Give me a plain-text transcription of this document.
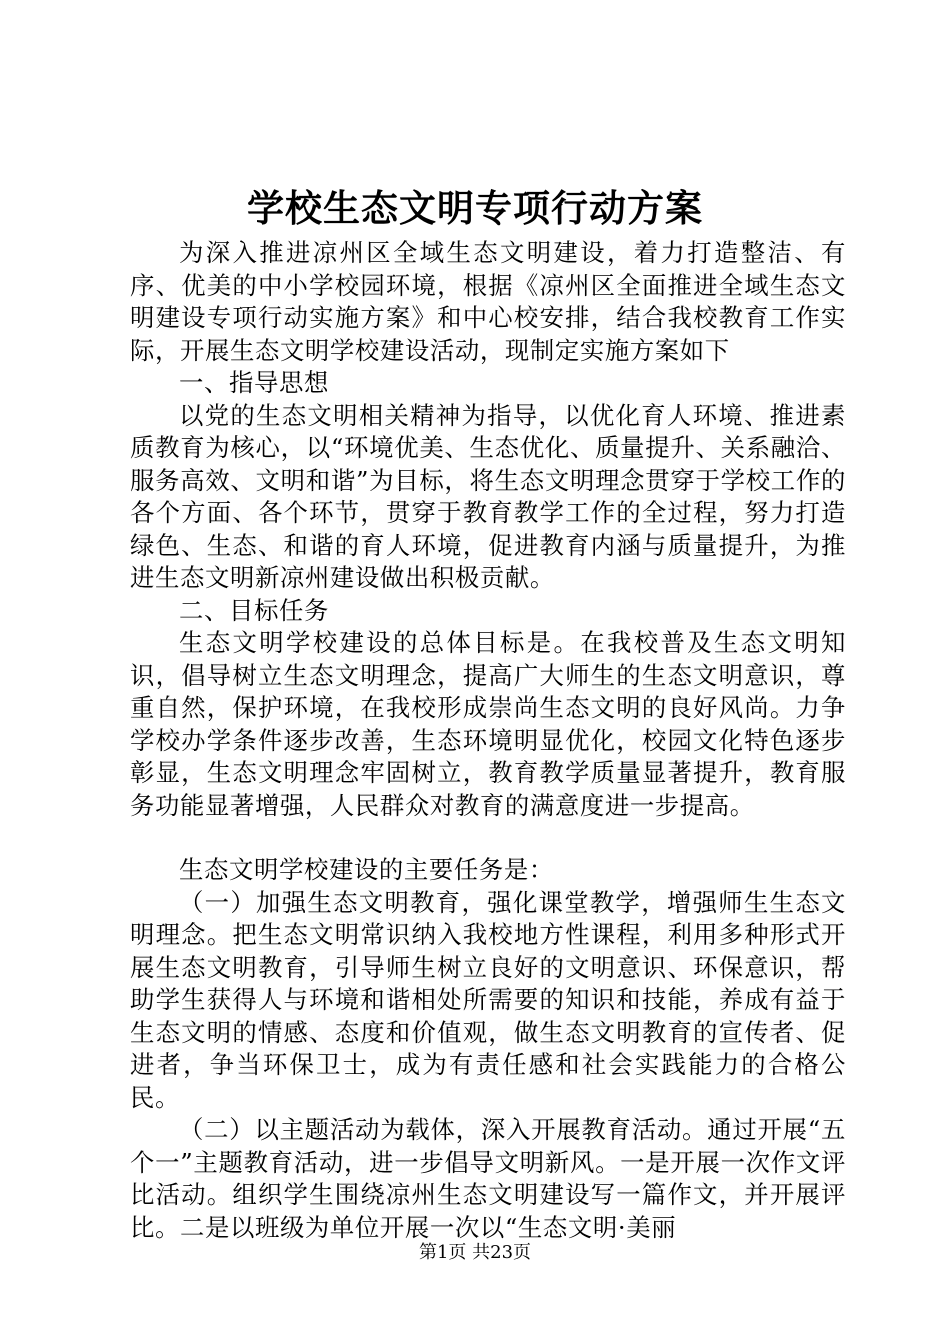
学校生态文明专项行动方案

为深入推进凉州区全域生态文明建设，着力打造整洁、有序、优美的中小学校园环境，根据《凉州区全面推进全域生态文明建设专项行动实施方案》和中心校安排，结合我校教育工作实际，开展生态文明学校建设活动，现制定实施方案如下

一、指导思想

以党的生态文明相关精神为指导，以优化育人环境、推进素质教育为核心，以“环境优美、生态优化、质量提升、关系融洽、服务高效、文明和谐”为目标，将生态文明理念贯穿于学校工作的各个方面、各个环节，贯穿于教育教学工作的全过程，努力打造绿色、生态、和谐的育人环境，促进教育内涵与质量提升，为推进生态文明新凉州建设做出积极贡献。

二、目标任务

生态文明学校建设的总体目标是。在我校普及生态文明知识，倡导树立生态文明理念，提高广大师生的生态文明意识，尊重自然，保护环境，在我校形成崇尚生态文明的良好风尚。力争学校办学条件逐步改善，生态环境明显优化，校园文化特色逐步彰显，生态文明理念牢固树立，教育教学质量显著提升，教育服务功能显著增强，人民群众对教育的满意度进一步提高。

生态文明学校建设的主要任务是：

（一）加强生态文明教育，强化课堂教学，增强师生生态文明理念。把生态文明常识纳入我校地方性课程，利用多种形式开展生态文明教育，引导师生树立良好的文明意识、环保意识，帮助学生获得人与环境和谐相处所需要的知识和技能，养成有益于生态文明的情感、态度和价值观，做生态文明教育的宣传者、促进者，争当环保卫士，成为有责任感和社会实践能力的合格公民。

（二）以主题活动为载体，深入开展教育活动。通过开展“五个一”主题教育活动，进一步倡导文明新风。一是开展一次作文评比活动。组织学生围绕凉州生态文明建设写一篇作文，并开展评比。二是以班级为单位开展一次以“生态文明·美丽

第1页 共23页
